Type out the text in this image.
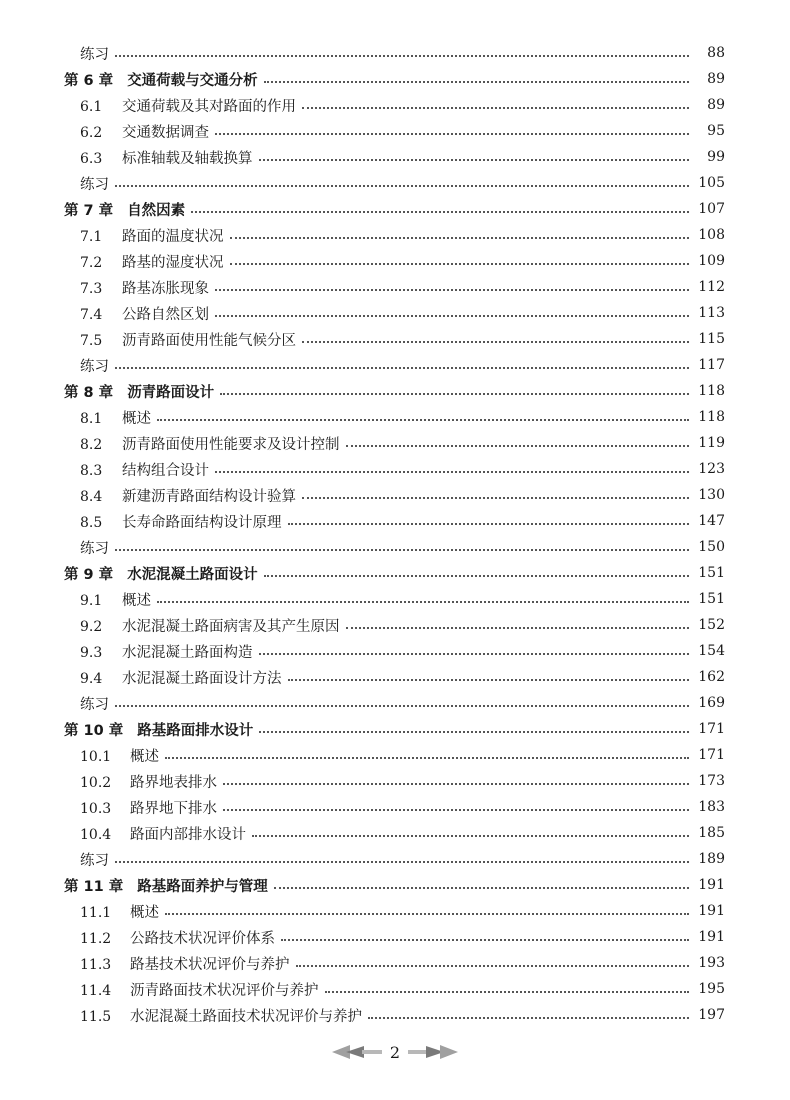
练习	88
第 6 章 交通荷载与交通分析	89
6.1	交通荷载及其对路面的作用	89
6.2	交通数据调查	95
6.3	标准轴载及轴载换算	99
练习	105
第 7 章 自然因素	107
7.1	路面的温度状况	108
7.2	路基的湿度状况	109
7.3	路基冻胀现象	112
7.4	公路自然区划	113
7.5	沥青路面使用性能气候分区	115
练习	117
第 8 章 沥青路面设计	118
8.1	概述	118
8.2	沥青路面使用性能要求及设计控制	119
8.3	结构组合设计	123
8.4	新建沥青路面结构设计验算	130
8.5	长寿命路面结构设计原理	147
练习	150
第 9 章 水泥混凝土路面设计	151
9.1	概述	151
9.2	水泥混凝土路面病害及其产生原因	152
9.3	水泥混凝土路面构造	154
9.4	水泥混凝土路面设计方法	162
练习	169
第 10 章 路基路面排水设计	171
10.1	概述	171
10.2	路界地表排水	173
10.3	路界地下排水	183
10.4	路面内部排水设计	185
练习	189
第 11 章 路基路面养护与管理	191
11.1	概述	191
11.2	公路技术状况评价体系	191
11.3	路基技术状况评价与养护	193
11.4	沥青路面技术状况评价与养护	195
11.5	水泥混凝土路面技术状况评价与养护	197
2
